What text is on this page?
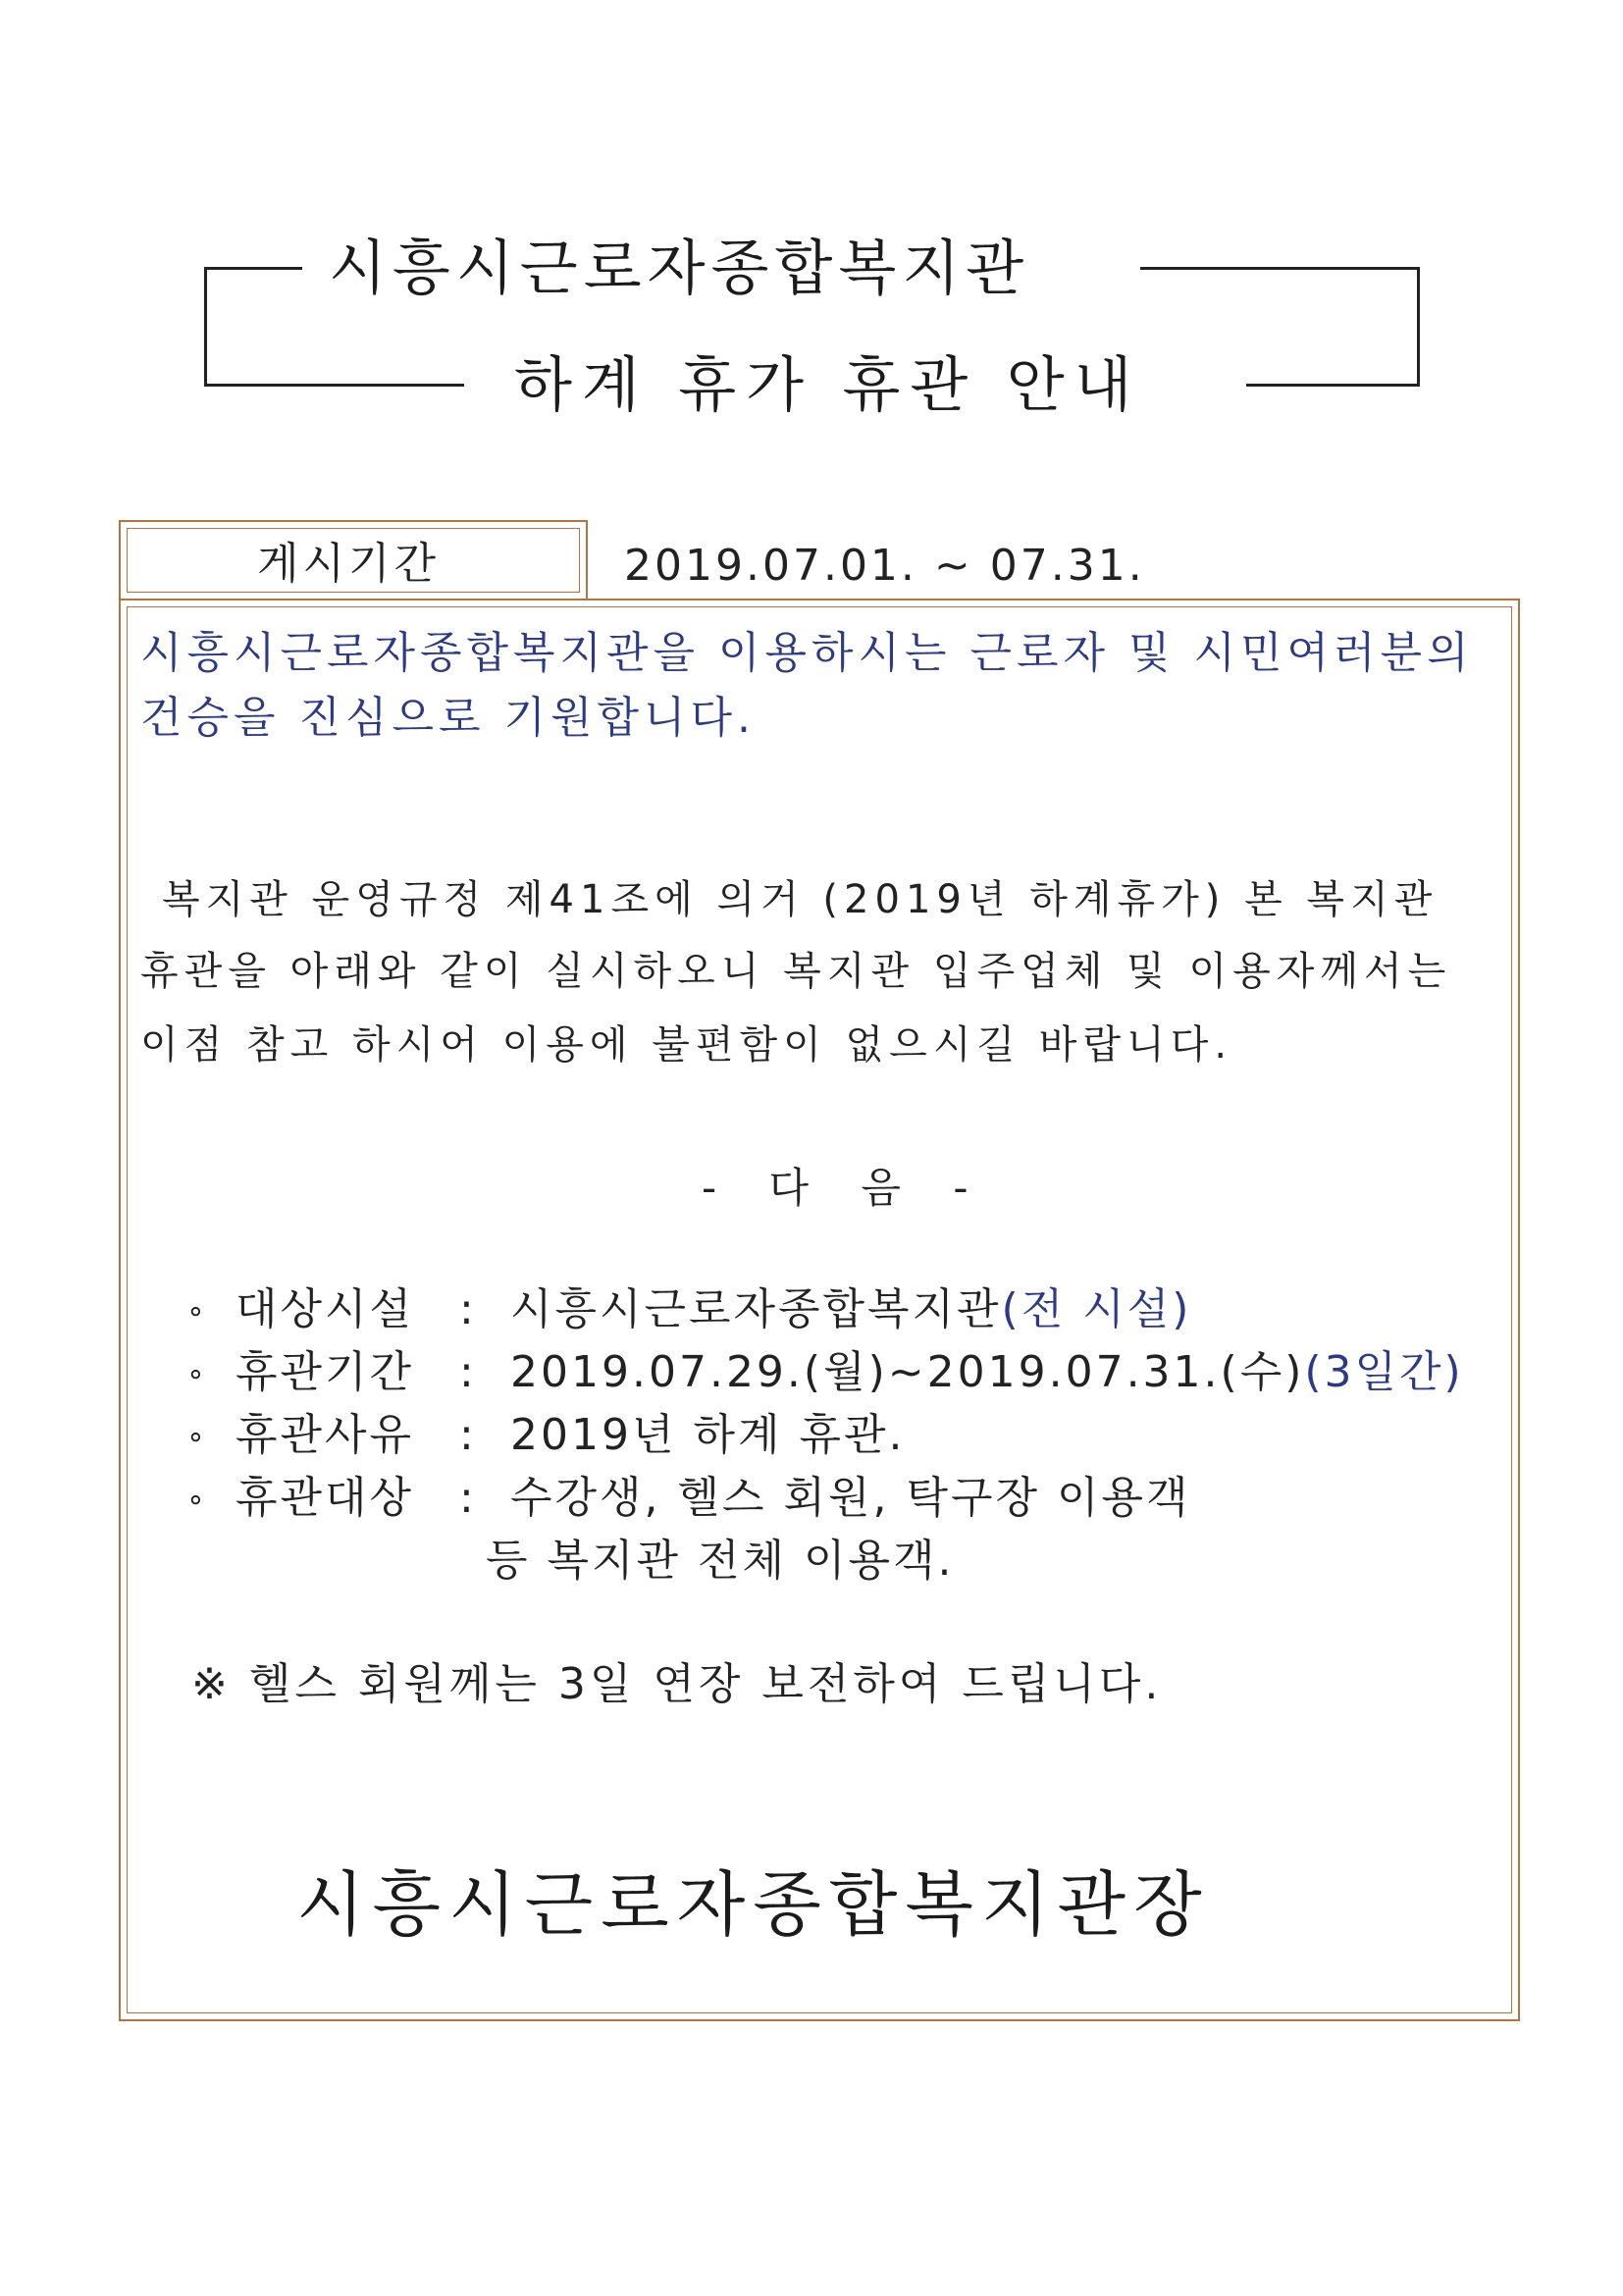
시흥시근로자종합복지관
하계 휴가 휴관 안내
게시기간	2019.07.01. ~ 07.31.
시흥시근로자종합복지관을 이용하시는 근로자 및 시민여러분의
건승을 진심으로 기원합니다.
복지관 운영규정 제41조에 의거 (2019년 하계휴가) 본 복지관
휴관을 아래와 같이 실시하오니 복지관 입주업체 및 이용자께서는
이점 참고 하시어 이용에 불편함이 없으시길 바랍니다.
- 다 음 -
∘ 대상시설 : 시흥시근로자종합복지관(전 시설)
∘ 휴관기간 : 2019.07.29.(월)~2019.07.31.(수)(3일간)
∘ 휴관사유 : 2019년 하계 휴관.
∘ 휴관대상 : 수강생, 헬스 회원, 탁구장 이용객
등 복지관 전체 이용객.
※ 헬스 회원께는 3일 연장 보전하여 드립니다.
시흥시근로자종합복지관장
